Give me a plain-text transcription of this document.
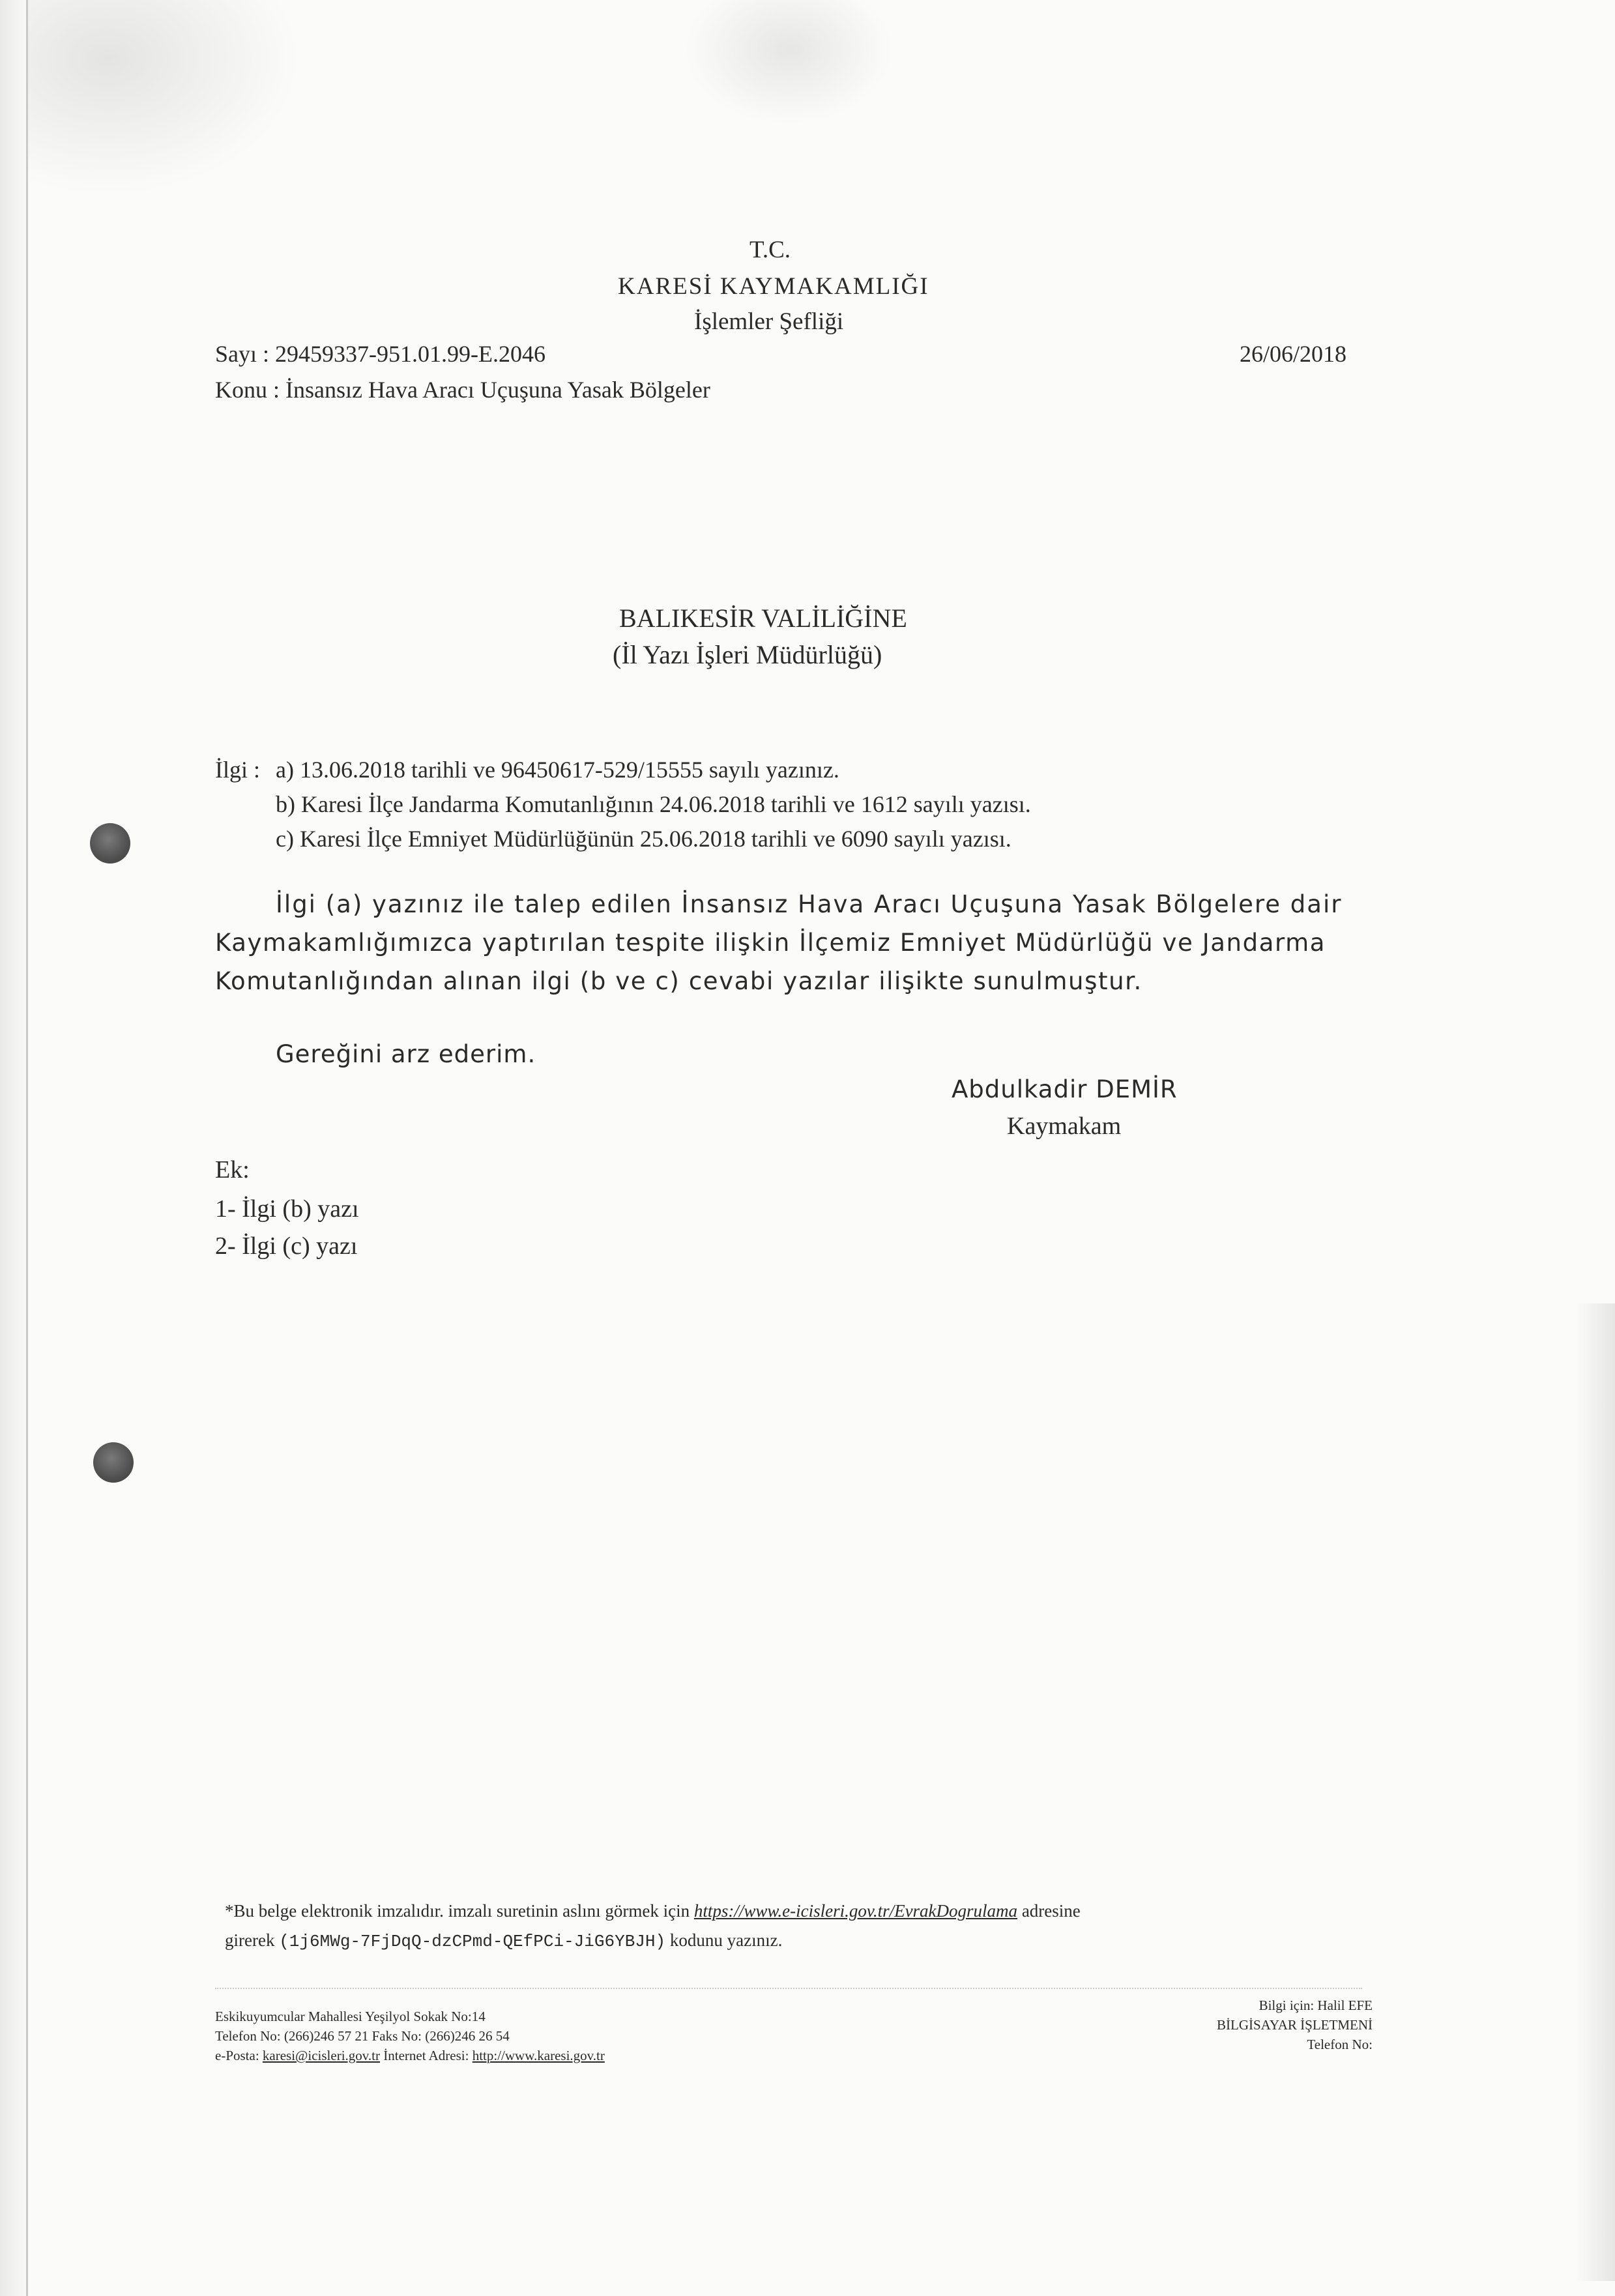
T.C.
KARESİ KAYMAKAMLIĞI
İşlemler Şefliği
Sayı : 29459337-951.01.99-E.2046	26/06/2018
Konu : İnsansız Hava Aracı Uçuşuna Yasak Bölgeler
BALIKESİR VALİLİĞİNE
(İl Yazı İşleri Müdürlüğü)
İlgi : a) 13.06.2018 tarihli ve 96450617-529/15555 sayılı yazınız.
b) Karesi İlçe Jandarma Komutanlığının 24.06.2018 tarihli ve 1612 sayılı yazısı.
c) Karesi İlçe Emniyet Müdürlüğünün 25.06.2018 tarihli ve 6090 sayılı yazısı.
İlgi (a) yazınız ile talep edilen İnsansız Hava Aracı Uçuşuna Yasak Bölgelere dair
Kaymakamlığımızca yaptırılan tespite ilişkin İlçemiz Emniyet Müdürlüğü ve Jandarma
Komutanlığından alınan ilgi (b ve c) cevabi yazılar ilişikte sunulmuştur.
Gereğini arz ederim.
Abdulkadir DEMİR
Kaymakam
Ek:
1- İlgi (b) yazı
2- İlgi (c) yazı
*Bu belge elektronik imzalıdır. imzalı suretinin aslını görmek için https://www.e-icisleri.gov.tr/EvrakDogrulama adresine
girerek (1j6MWg-7FjDqQ-dzCPmd-QEfPCi-JiG6YBJH) kodunu yazınız.
Eskikuyumcular Mahallesi Yeşilyol Sokak No:14
Telefon No: (266)246 57 21 Faks No: (266)246 26 54
e-Posta: karesi@icisleri.gov.tr İnternet Adresi: http://www.karesi.gov.tr
Bilgi için: Halil EFE
BİLGİSAYAR İŞLETMENİ
Telefon No:
